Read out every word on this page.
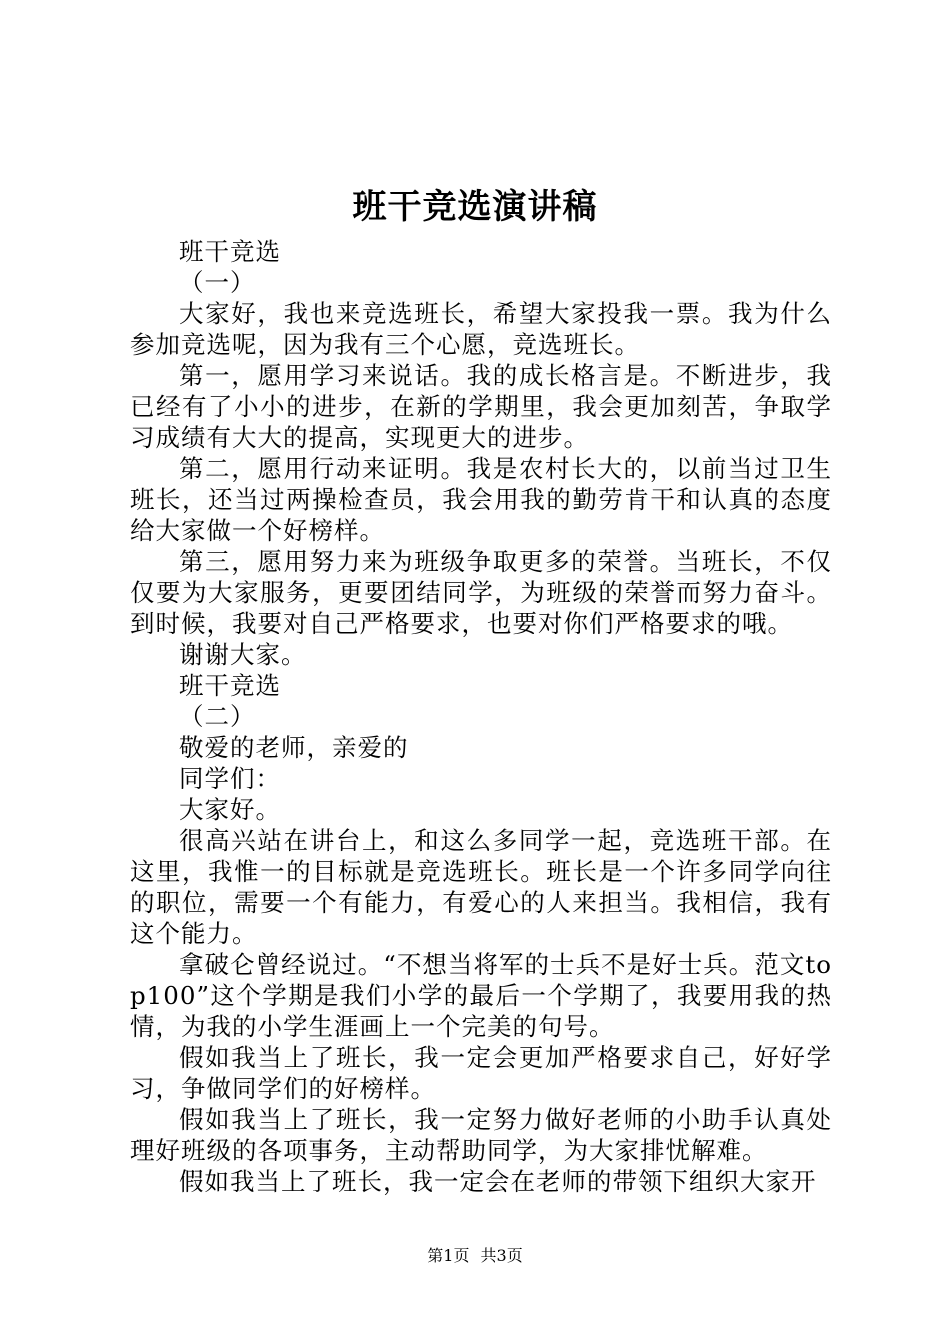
班干竞选演讲稿

班干竞选

（一）

大家好，我也来竞选班长，希望大家投我一票。我为什么参加竞选呢，因为我有三个心愿，竞选班长。

第一，愿用学习来说话。我的成长格言是。不断进步，我已经有了小小的进步，在新的学期里，我会更加刻苦，争取学习成绩有大大的提高，实现更大的进步。

第二，愿用行动来证明。我是农村长大的，以前当过卫生班长，还当过两操检查员，我会用我的勤劳肯干和认真的态度给大家做一个好榜样。

第三，愿用努力来为班级争取更多的荣誉。当班长，不仅仅要为大家服务，更要团结同学，为班级的荣誉而努力奋斗。到时候，我要对自己严格要求，也要对你们严格要求的哦。

谢谢大家。

班干竞选

（二）

敬爱的老师，亲爱的

同学们：

大家好。

很高兴站在讲台上，和这么多同学一起，竞选班干部。在这里，我惟一的目标就是竞选班长。班长是一个许多同学向往的职位，需要一个有能力，有爱心的人来担当。我相信，我有这个能力。

拿破仑曾经说过。“不想当将军的士兵不是好士兵。范文top100”这个学期是我们小学的最后一个学期了，我要用我的热情，为我的小学生涯画上一个完美的句号。

假如我当上了班长，我一定会更加严格要求自己，好好学习，争做同学们的好榜样。

假如我当上了班长，我一定努力做好老师的小助手认真处理好班级的各项事务，主动帮助同学，为大家排忧解难。

假如我当上了班长，我一定会在老师的带领下组织大家开

第1页 共3页
